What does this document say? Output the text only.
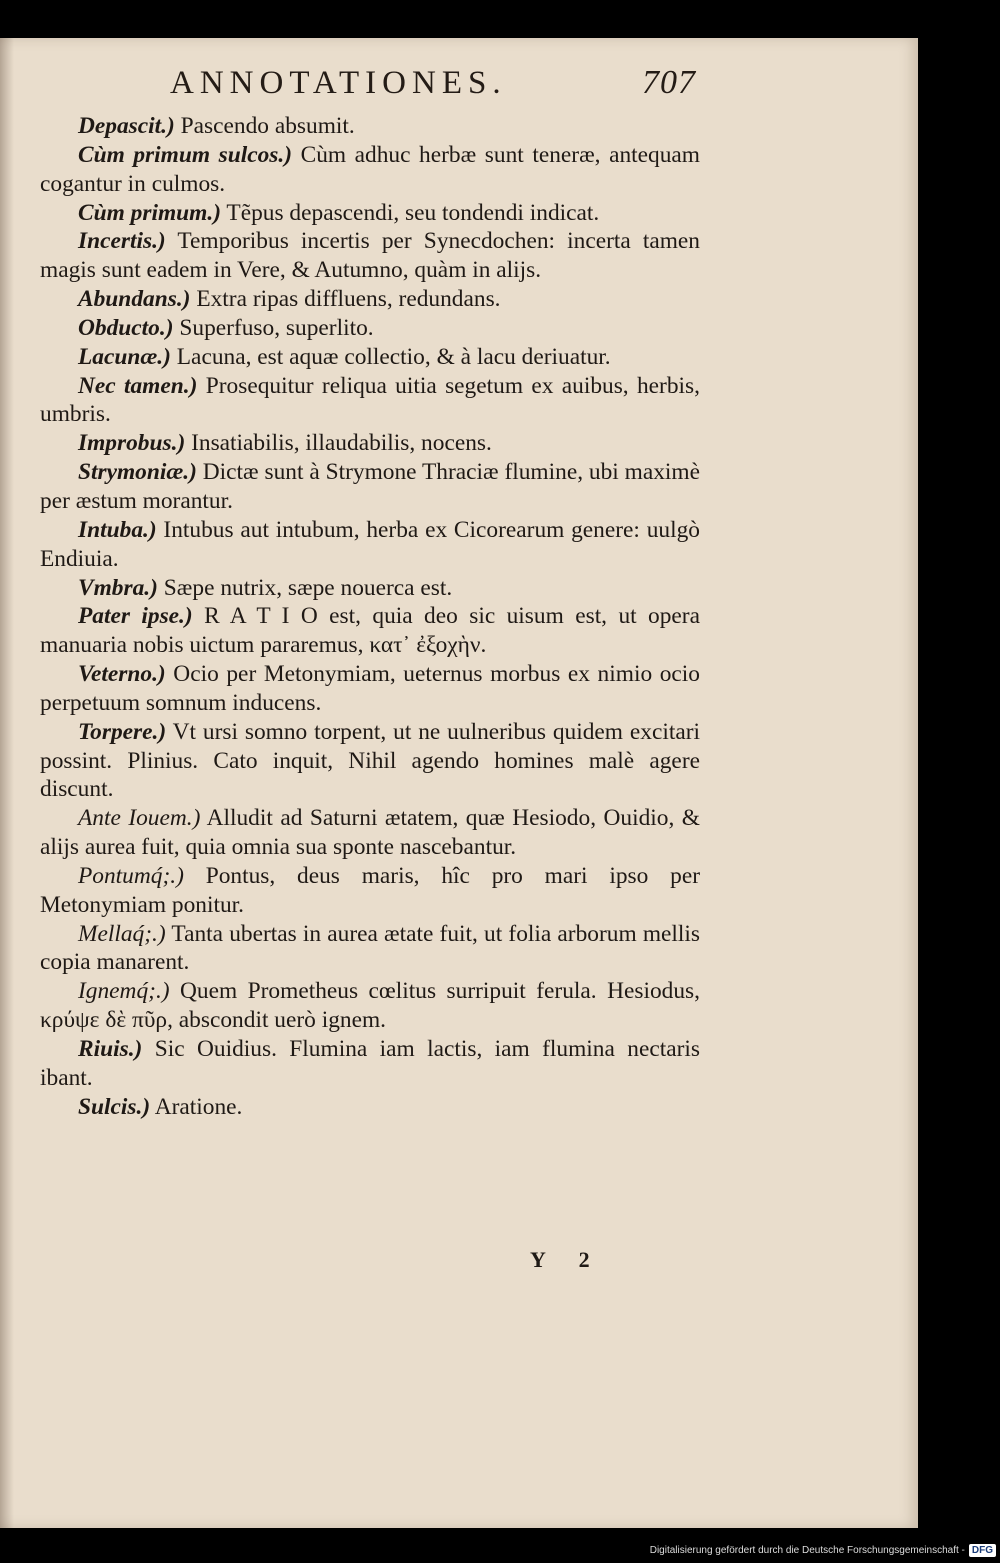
ANNOTATIONES.	707

Depascit.) Pascendo absumit.

Cùm primum sulcos.) Cùm adhuc herbæ sunt teneræ, antequam cogantur in culmos.

Cùm primum.) Tẽpus depascendi, seu tondendi indicat.

Incertis.) Temporibus incertis per Synecdochen: incerta tamen magis sunt eadem in Vere, & Autumno, quàm in alijs.

Abundans.) Extra ripas diffluens, redundans.

Obducto.) Superfuso, superlito.

Lacunæ.) Lacuna, est aquæ collectio, & à lacu deriuatur.

Nec tamen.) Prosequitur reliqua uitia segetum ex auibus, herbis, umbris.

Improbus.) Insatiabilis, illaudabilis, nocens.

Strymoniæ.) Dictæ sunt à Strymone Thraciæ flumine, ubi maximè per æstum morantur.

Intuba.) Intubus aut intubum, herba ex Cicorearum genere: uulgò Endiuia.

Vmbra.) Sæpe nutrix, sæpe nouerca est.

Pater ipse.) R A T I O est, quia deo sic uisum est, ut opera manuaria nobis uictum pararemus, κατ᾽ ἐξοχὴν.

Veterno.) Ocio per Metonymiam, ueternus morbus ex nimio ocio perpetuum somnum inducens.

Torpere.) Vt ursi somno torpent, ut ne uulneribus quidem excitari possint. Plinius. Cato inquit, Nihil agendo homines malè agere discunt.

Ante Iouem.) Alludit ad Saturni ætatem, quæ Hesiodo, Ouidio, & alijs aurea fuit, quia omnia sua sponte nascebantur.

Pontumq́;.) Pontus, deus maris, hîc pro mari ipso per Metonymiam ponitur.

Mellaq́;.) Tanta ubertas in aurea ætate fuit, ut folia arborum mellis copia manarent.

Ignemq́;.) Quem Prometheus cœlitus surripuit ferula. Hesiodus, κρύψε δὲ πῦρ, abscondit uerò ignem.

Riuis.) Sic Ouidius. Flumina iam lactis, iam flumina nectaris ibant.

Sulcis.) Aratione.

Y 2
Digitalisierung gefördert durch die Deutsche Forschungsgemeinschaft - DFG
